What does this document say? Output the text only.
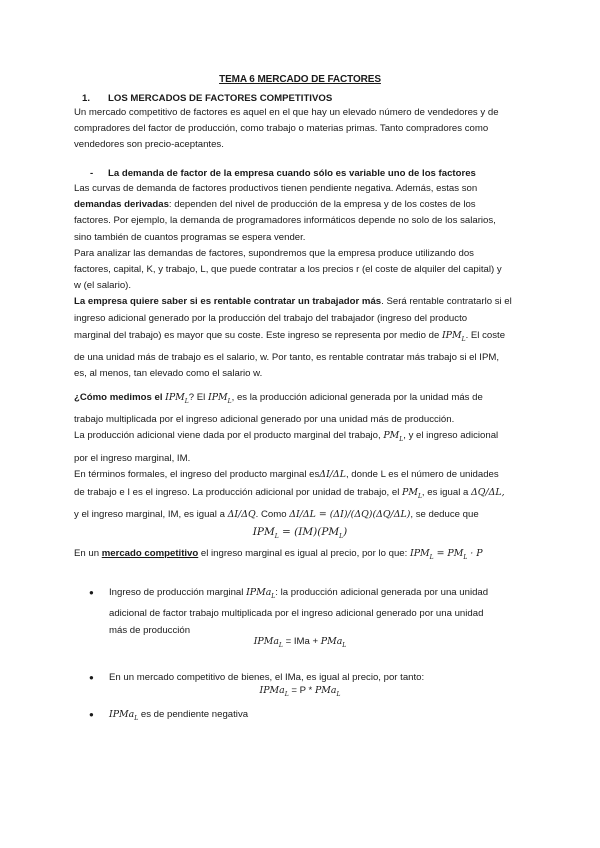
TEMA 6 MERCADO DE FACTORES
1. LOS MERCADOS DE FACTORES COMPETITIVOS

Un mercado competitivo de factores es aquel en el que hay un elevado número de vendedores y de

compradores del factor de producción, como trabajo o materias primas. Tanto compradores como

vendedores son precio-aceptantes.

- La demanda de factor de la empresa cuando sólo es variable uno de los factores

Las curvas de demanda de factores productivos tienen pendiente negativa. Además, estas son

demandas derivadas: dependen del nivel de producción de la empresa y de los costes de los

factores. Por ejemplo, la demanda de programadores informáticos depende no solo de los salarios,

sino también de cuantos programas se espera vender.

Para analizar las demandas de factores, supondremos que la empresa produce utilizando dos

factores, capital, K, y trabajo, L, que puede contratar a los precios r (el coste de alquiler del capital) y

w (el salario).

La empresa quiere saber si es rentable contratar un trabajador más. Será rentable contratarlo si el

ingreso adicional generado por la producción del trabajo del trabajador (ingreso del producto

marginal del trabajo) es mayor que su coste. Este ingreso se representa por medio de $IPM_L$. El coste

de una unidad más de trabajo es el salario, w. Por tanto, es rentable contratar más trabajo si el IPM,

es, al menos, tan elevado como el salario w.

¿Cómo medimos el $IPM_L$? El $IPM_L$, es la producción adicional generada por la unidad más de

trabajo multiplicada por el ingreso adicional generado por una unidad más de producción.

La producción adicional viene dada por el producto marginal del trabajo, $PM_L$, y el ingreso adicional

por el ingreso marginal, IM.

En términos formales, el ingreso del producto marginal esΔI/ΔL, donde L es el número de unidades

de trabajo e I es el ingreso. La producción adicional por unidad de trabajo, el $PM_L$, es igual a ΔQ/ΔL,

y el ingreso marginal, IM, es igual a ΔI/ΔQ. Como ΔI/ΔL = (ΔI)/(ΔQ)(ΔQ/ΔL), se deduce que

$IPM_L = (IM)(PM_L)$

En un mercado competitivo el ingreso marginal es igual al precio, por lo que: $IPM_L = PM_L \cdot P$

● Ingreso de producción marginal IPMa$_L$: la producción adicional generada por una unidad
adicional de factor trabajo multiplicada por el ingreso adicional generado por una unidad
más de producción
IPMa$_L$ = IMa + PMa$_L$
● En un mercado competitivo de bienes, el IMa, es igual al precio, por tanto:
IPMa$_L$ = P * PMa$_L$
● IPMa$_L$ es de pendiente negativa
